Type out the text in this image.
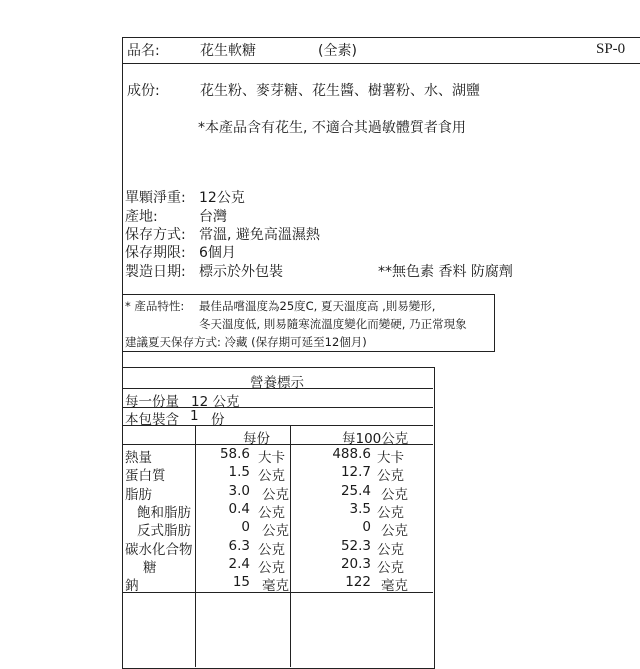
品名:	花生軟糖	(全素)	SP-0
成份:	花生粉、麥芽糖、花生醬、樹薯粉、水、湖鹽
*本產品含有花生, 不適合其過敏體質者食用
單顆淨重: 12公克
產地:	台灣
保存方式: 常溫, 避免高溫濕熱
保存期限: 6個月
製造日期: 標示於外包裝	**無色素 香料 防腐劑
* 產品特性: 最佳品嚐溫度為25度C, 夏天溫度高 ,則易變形,
冬天溫度低, 則易隨寒流溫度變化而變硬, 乃正常現象
建議夏天保存方式: 冷藏 (保存期可延至12個月)
營養標示
每一份量 12 公克
本包裝含 1 份
每份	每100公克
熱量	58.6 大卡	488.6 大卡
蛋白質	1.5 公克	12.7 公克
脂肪	3.0 公克	25.4 公克
飽和脂肪	0.4 公克	3.5 公克
反式脂肪	0 公克	0 公克
碳水化合物	6.3 公克	52.3 公克
糖	2.4 公克	20.3 公克
鈉	15 毫克	122 毫克
